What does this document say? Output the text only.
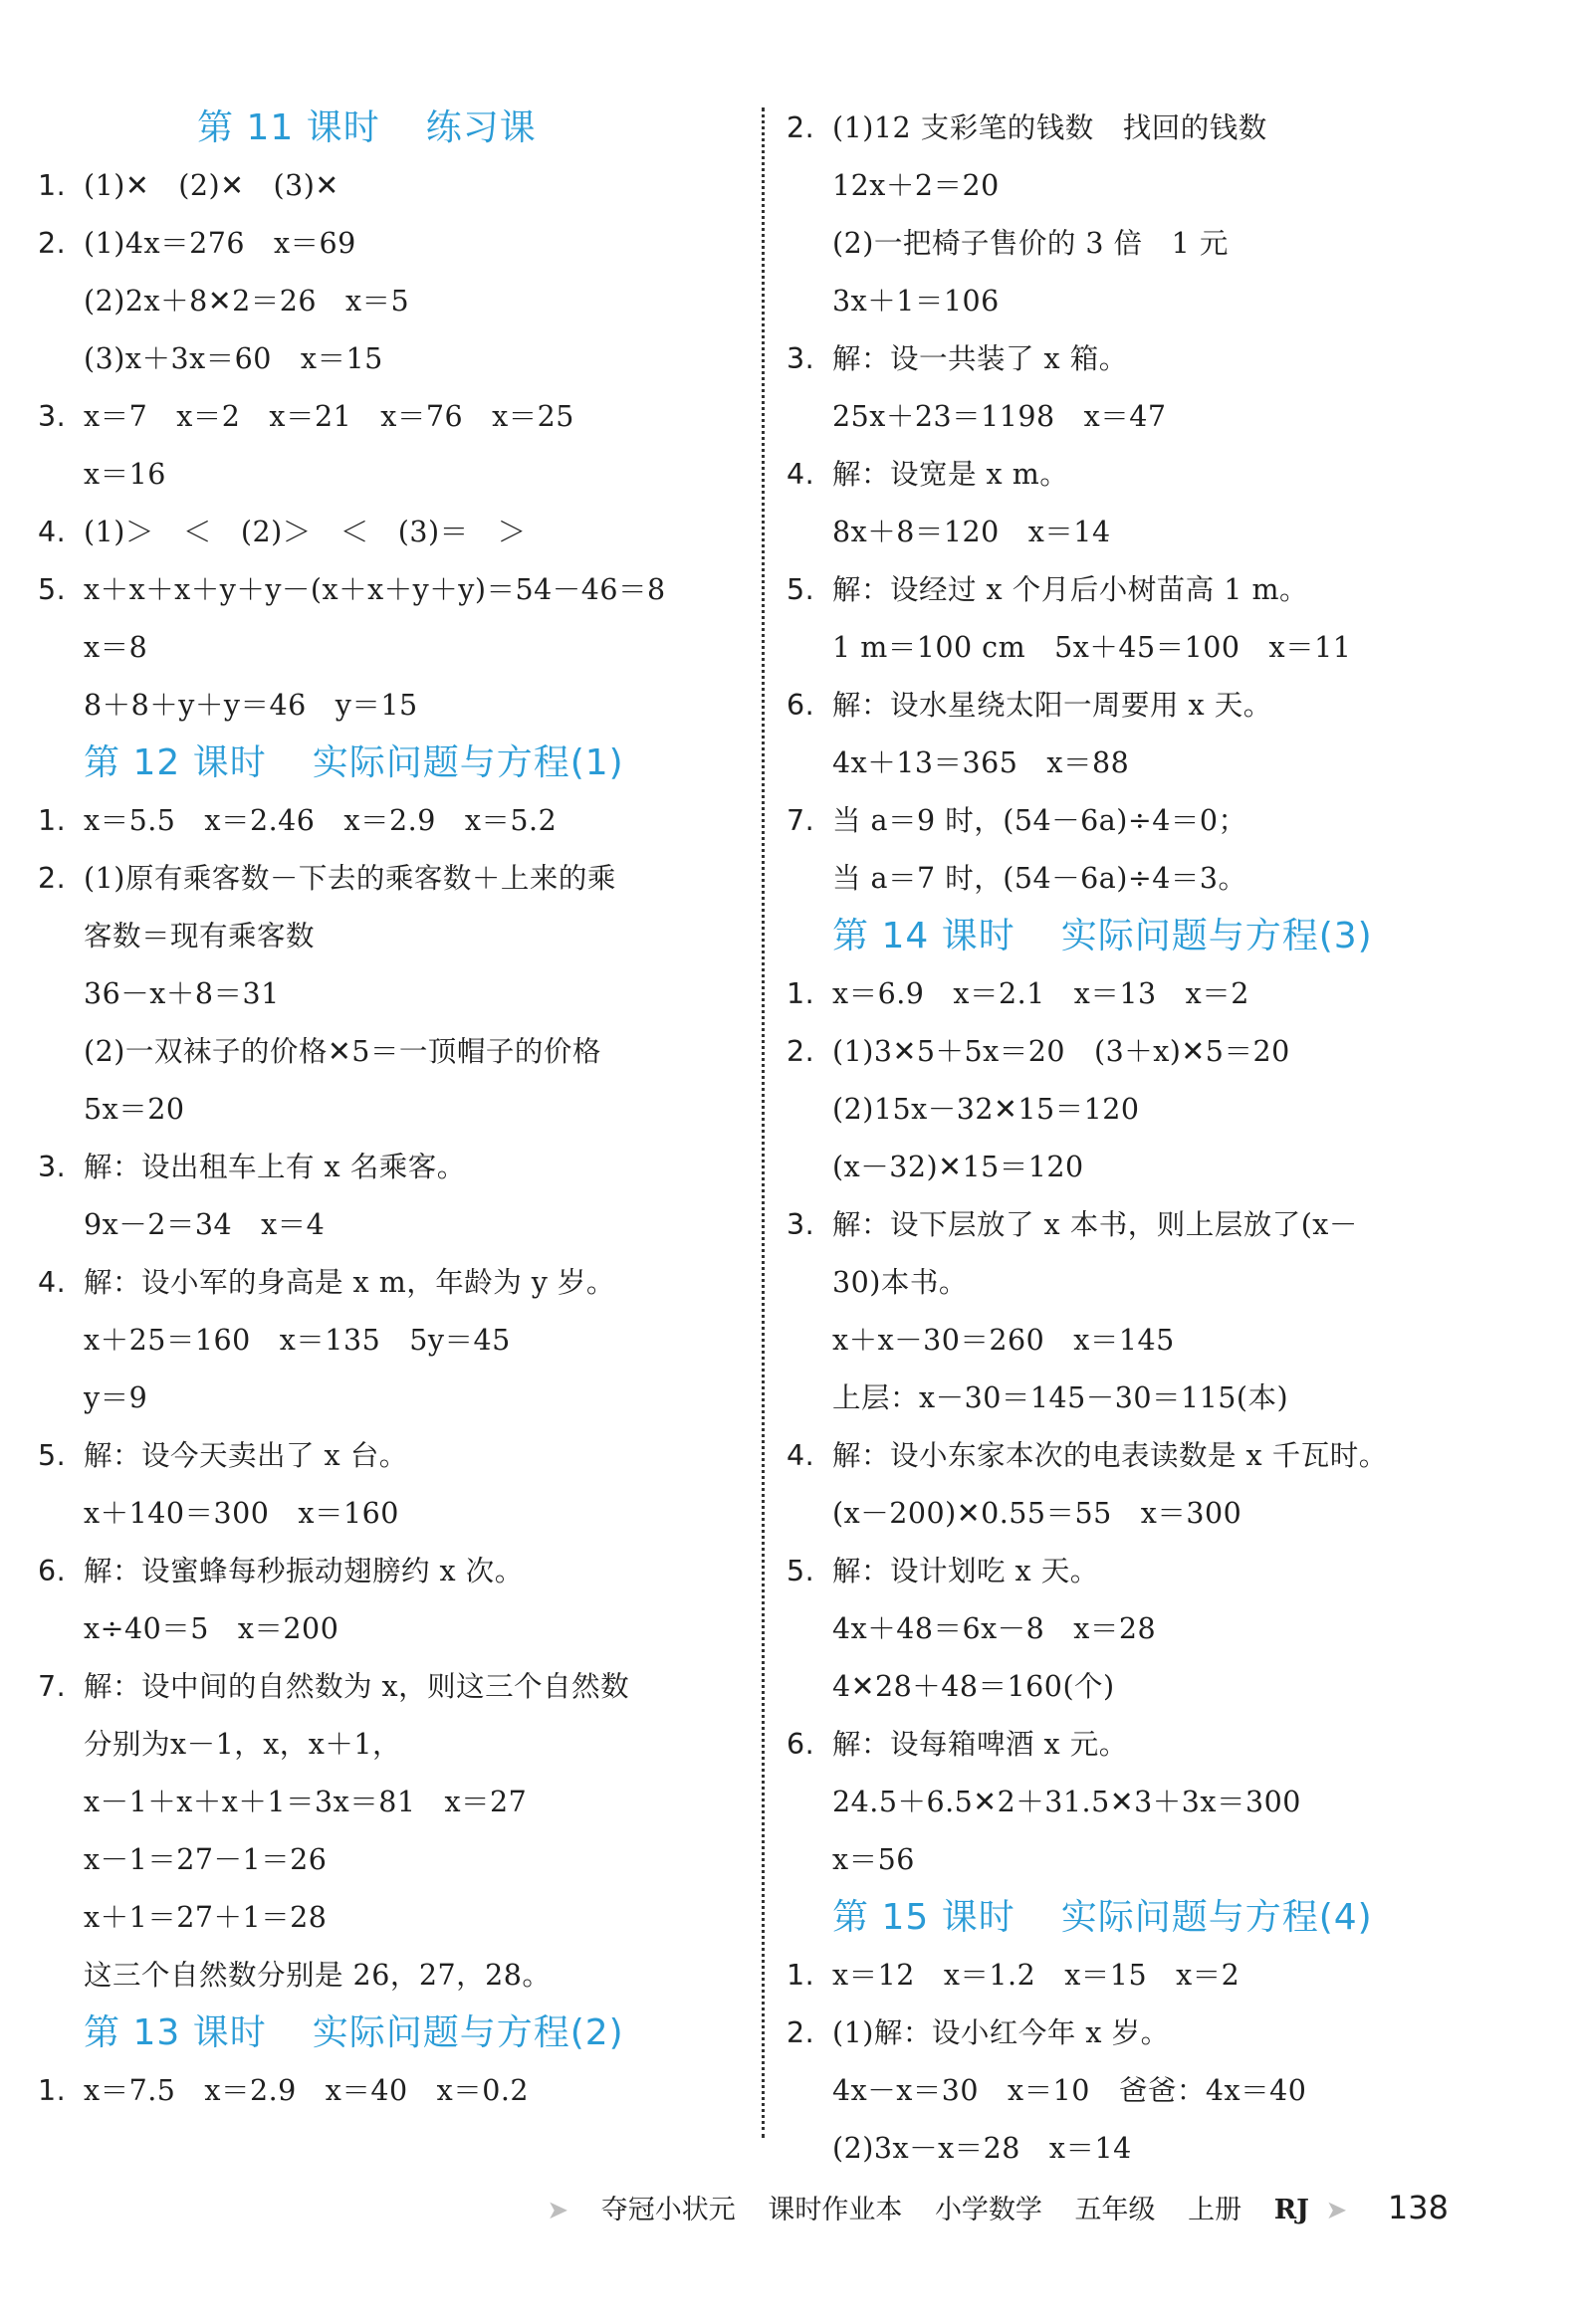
第 11 课时 练习课
1. (1)✕　(2)✕　(3)✕
2. (1)4x＝276　x＝69
(2)2x＋8✕2＝26　x＝5
(3)x＋3x＝60　x＝15
3. x＝7　x＝2　x＝21　x＝76　x＝25
x＝16
4. (1)＞　＜　(2)＞　＜　(3)＝　＞
5. x＋x＋x＋y＋y－(x＋x＋y＋y)＝54－46＝8
x＝8
8＋8＋y＋y＝46　y＝15
第 12 课时 实际问题与方程(1)
1. x＝5.5　x＝2.46　x＝2.9　x＝5.2
2. (1)原有乘客数－下去的乘客数＋上来的乘
客数＝现有乘客数
36－x＋8＝31
(2)一双袜子的价格✕5＝一顶帽子的价格
5x＝20
3. 解：设出租车上有 x 名乘客。
9x－2＝34　x＝4
4. 解：设小军的身高是 x m，年龄为 y 岁。
x＋25＝160　x＝135　5y＝45
y＝9
5. 解：设今天卖出了 x 台。
x＋140＝300　x＝160
6. 解：设蜜蜂每秒振动翅膀约 x 次。
x÷40＝5　x＝200
7. 解：设中间的自然数为 x，则这三个自然数
分别为x－1，x，x＋1，
x－1＋x＋x＋1＝3x＝81　x＝27
x－1＝27－1＝26
x＋1＝27＋1＝28
这三个自然数分别是 26，27，28。
第 13 课时 实际问题与方程(2)
1. x＝7.5　x＝2.9　x＝40　x＝0.2
2. (1)12 支彩笔的钱数　找回的钱数
12x＋2＝20
(2)一把椅子售价的 3 倍　1 元
3x＋1＝106
3. 解：设一共装了 x 箱。
25x＋23＝1198　x＝47
4. 解：设宽是 x m。
8x＋8＝120　x＝14
5. 解：设经过 x 个月后小树苗高 1 m。
1 m＝100 cm　5x＋45＝100　x＝11
6. 解：设水星绕太阳一周要用 x 天。
4x＋13＝365　x＝88
7. 当 a＝9 时，(54－6a)÷4＝0；
当 a＝7 时，(54－6a)÷4＝3。
第 14 课时 实际问题与方程(3)
1. x＝6.9　x＝2.1　x＝13　x＝2
2. (1)3✕5＋5x＝20　(3＋x)✕5＝20
(2)15x－32✕15＝120
(x－32)✕15＝120
3. 解：设下层放了 x 本书，则上层放了(x－
30)本书。
x＋x－30＝260　x＝145
上层：x－30＝145－30＝115(本)
4. 解：设小东家本次的电表读数是 x 千瓦时。
(x－200)✕0.55＝55　x＝300
5. 解：设计划吃 x 天。
4x＋48＝6x－8　x＝28
4✕28＋48＝160(个)
6. 解：设每箱啤酒 x 元。
24.5＋6.5✕2＋31.5✕3＋3x＝300
x＝56
第 15 课时 实际问题与方程(4)
1. x＝12　x＝1.2　x＝15　x＝2
2. (1)解：设小红今年 x 岁。
4x－x＝30　x＝10　爸爸：4x＝40
(2)3x－x＝28　x＝14
➤ 夺冠小状元 课时作业本 小学数学 五年级 上册 RJ ➤ 138
